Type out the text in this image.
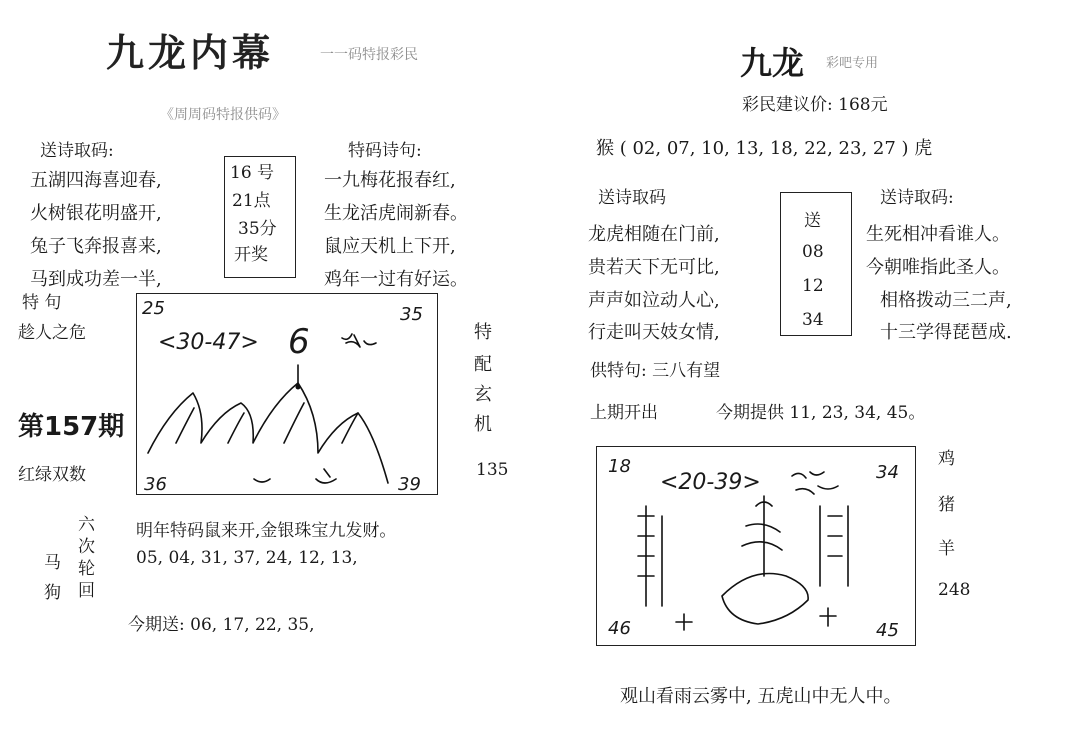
九龙内幕	一一码特报彩民
《周周码特报供码》
送诗取码:	特码诗句:
五湖四海喜迎春,
火树银花明盛开,
兔子飞奔报喜来,
马到成功差一半,
16 号
21点
35分
开奖
一九梅花报春红,
生龙活虎闹新春。
鼠应天机上下开,
鸡年一过有好运。
特 句
趁人之危
第157期
红绿双数
25	35
36	39
<30-47> 6	特
配
玄
机
135
六
次
轮
回
马
狗
明年特码鼠来开,金银珠宝九发财。
05, 04, 31, 37, 24, 12, 13,
今期送: 06, 17, 22, 35,
九龙 彩吧专用
彩民建议价: 168元
猴 ( 02, 07, 10, 13, 18, 22, 23, 27 ) 虎
送诗取码	送诗取码:
龙虎相随在门前,
贵若天下无可比,
声声如泣动人心,
行走叫天妓女情,
送
08
12
34
生死相冲看谁人。
今朝唯指此圣人。
相格拨动三二声,
十三学得琵琶成.
供特句: 三八有望
上期开出	今期提供 11, 23, 34, 45。
18	34
46	45
<20-39>
鸡
猪
羊
248
观山看雨云雾中, 五虎山中无人中。
